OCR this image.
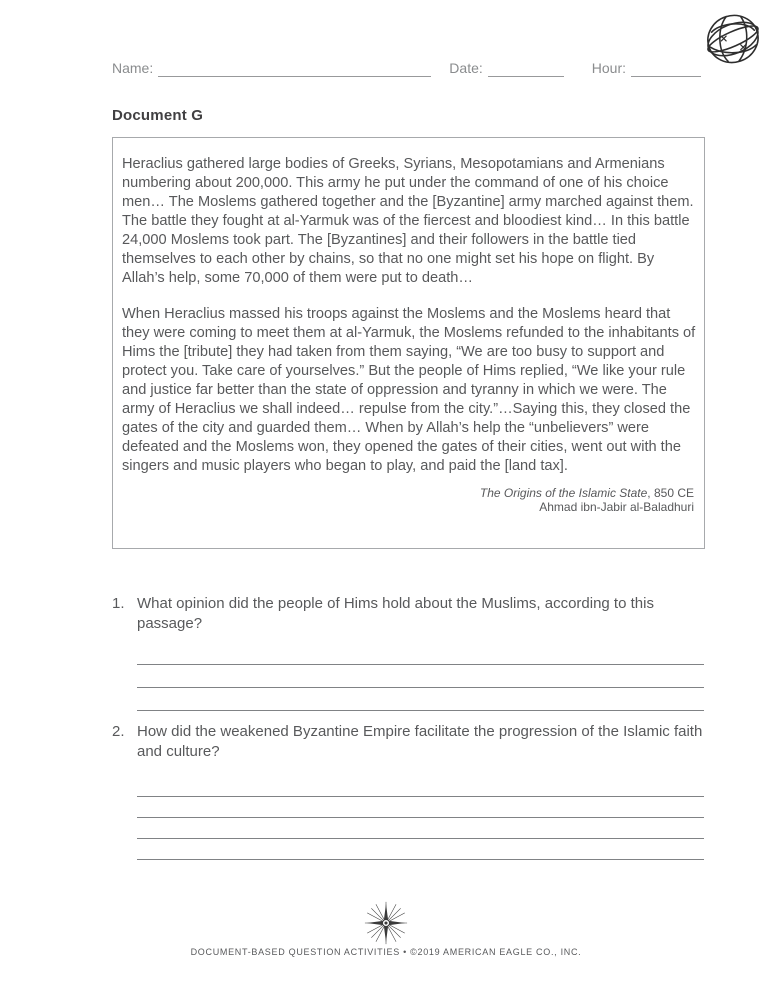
Name:	Date:	Hour:
Document G

Heraclius gathered large bodies of Greeks, Syrians, Mesopotamians and Armenians numbering about 200,000. This army he put under the command of one of his choice men… The Moslems gathered together and the [Byzantine] army marched against them. The battle they fought at al-Yarmuk was of the fiercest and bloodiest kind… In this battle 24,000 Moslems took part. The [Byzantines] and their followers in the battle tied themselves to each other by chains, so that no one might set his hope on flight. By Allah’s help, some 70,000 of them were put to death…

When Heraclius massed his troops against the Moslems and the Moslems heard that they were coming to meet them at al-Yarmuk, the Moslems refunded to the inhabitants of Hims the [tribute] they had taken from them saying, “We are too busy to support and protect you. Take care of yourselves.” But the people of Hims replied, “We like your rule and justice far better than the state of oppression and tyranny in which we were. The army of Heraclius we shall indeed… repulse from the city.”…Saying this, they closed the gates of the city and guarded them… When by Allah’s help the “unbelievers” were defeated and the Moslems won, they opened the gates of their cities, went out with the singers and music players who began to play, and paid the [land tax].

The Origins of the Islamic State, 850 CE
Ahmad ibn-Jabir al-Baladhuri
1. What opinion did the people of Hims hold about the Muslims, according to this passage?
2. How did the weakened Byzantine Empire facilitate the progression of the Islamic faith and culture?
DOCUMENT-BASED QUESTION ACTIVITIES • ©2019 AMERICAN EAGLE CO., INC.
